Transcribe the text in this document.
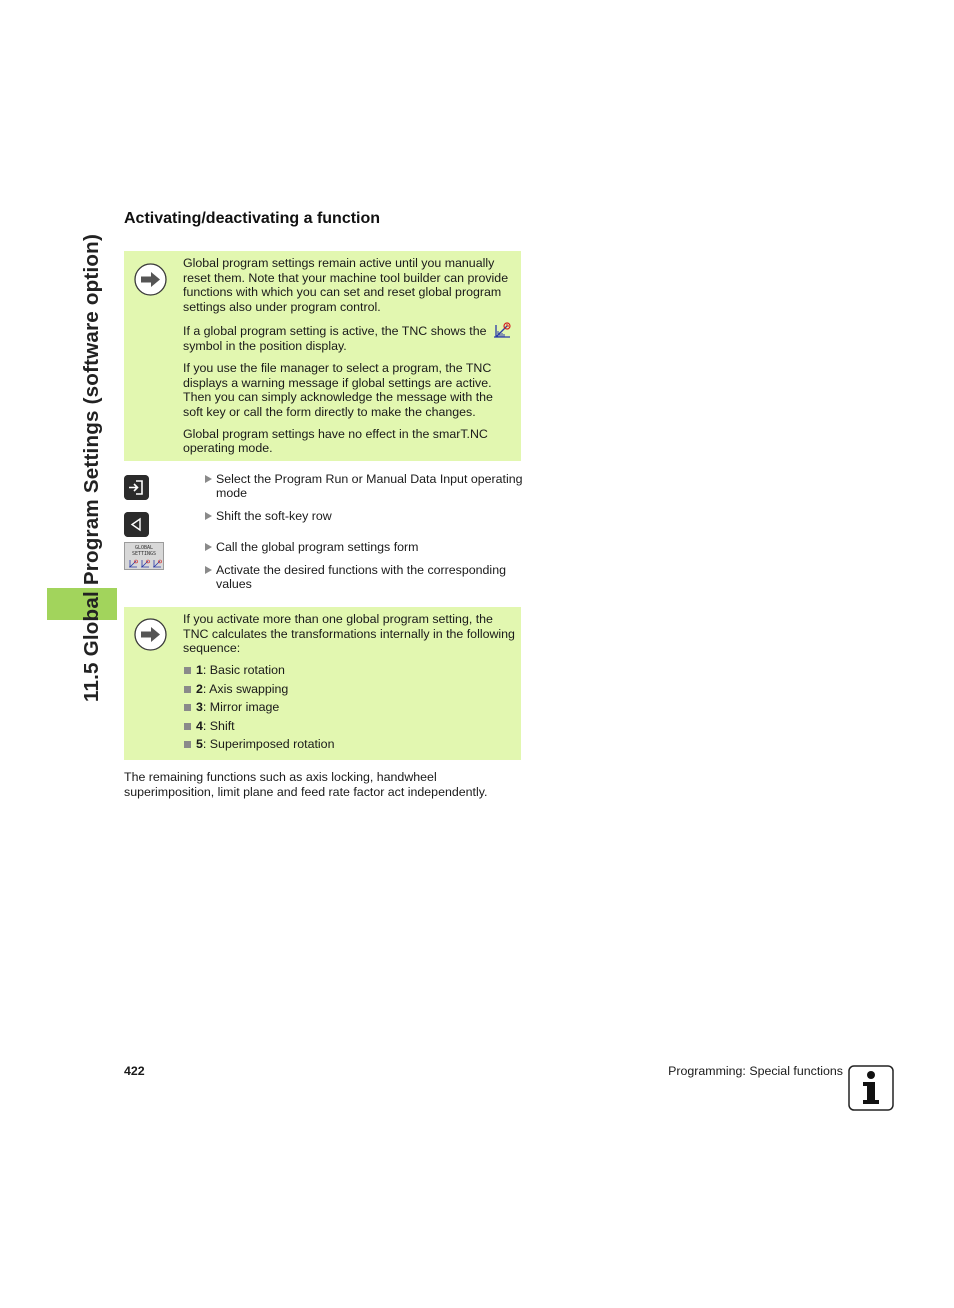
11.5 Global Program Settings (software option)
Activating/deactivating a function

Global program settings remain active until you manually reset them. Note that your machine tool builder can provide functions with which you can set and reset global program settings also under program control.

If a global program setting is active, the TNC shows the  symbol in the position display.

If you use the file manager to select a program, the TNC displays a warning message if global settings are active. Then you can simply acknowledge the message with the soft key or call the form directly to make the changes.

Global program settings have no effect in the smarT.NC operating mode.

GLOBAL
SETTINGS
Select the Program Run or Manual Data Input operating mode
Shift the soft-key row
Call the global program settings form
Activate the desired functions with the corresponding values

If you activate more than one global program setting, the TNC calculates the transformations internally in the following sequence:

1: Basic rotation
2: Axis swapping
3: Mirror image
4: Shift
5: Superimposed rotation

The remaining functions such as axis locking, handwheel superimposition, limit plane and feed rate factor act independently.

422	Programming: Special functions
